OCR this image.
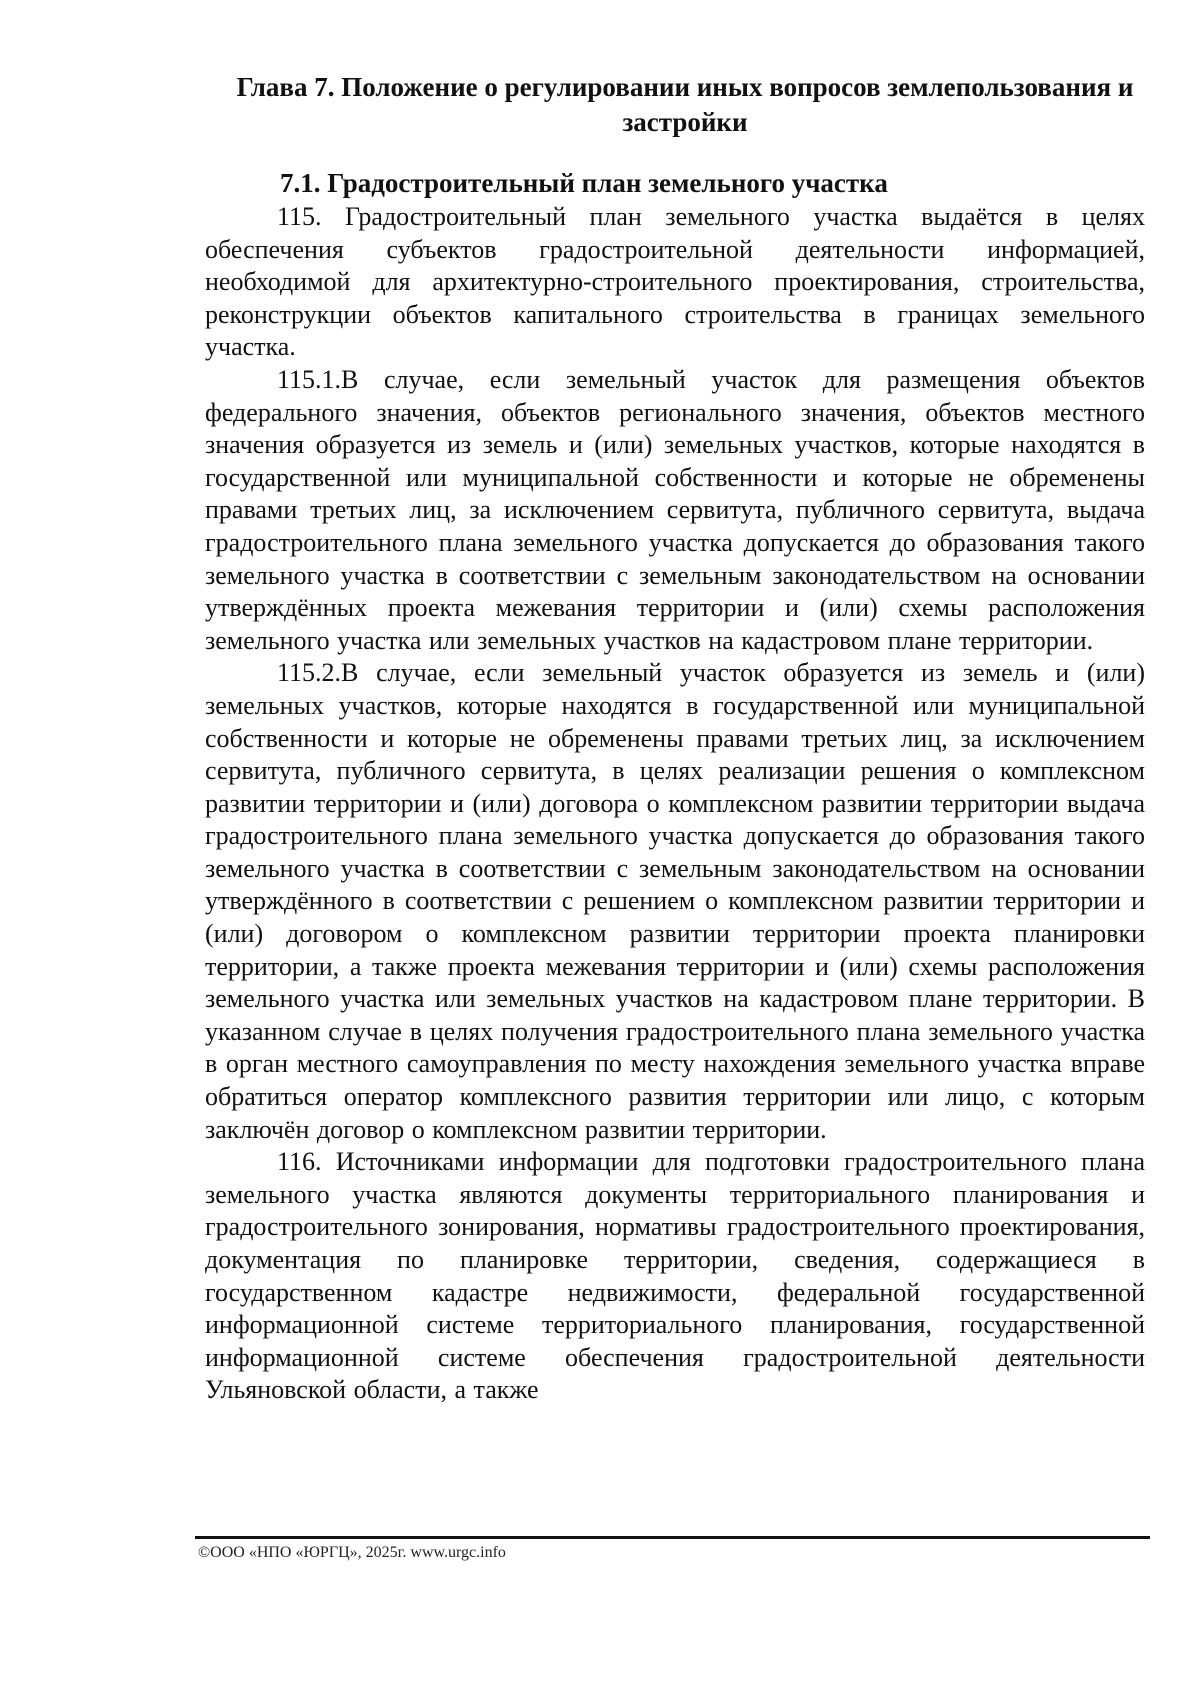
Глава 7. Положение о регулировании иных вопросов землепользования и застройки
7.1. Градостроительный план земельного участка

115. Градостроительный план земельного участка выдаётся в целях обеспечения субъектов градостроительной деятельности информацией, необходимой для архитектурно-строительного проектирования, строительства, реконструкции объектов капитального строительства в границах земельного участка.

115.1.В случае, если земельный участок для размещения объектов федерального значения, объектов регионального значения, объектов местного значения образуется из земель и (или) земельных участков, которые находятся в государственной или муниципальной собственности и которые не обременены правами третьих лиц, за исключением сервитута, публичного сервитута, выдача градостроительного плана земельного участка допускается до образования такого земельного участка в соответствии с земельным законодательством на основании утверждённых проекта межевания территории и (или) схемы расположения земельного участка или земельных участков на кадастровом плане территории.

115.2.В случае, если земельный участок образуется из земель и (или) земельных участков, которые находятся в государственной или муниципальной собственности и которые не обременены правами третьих лиц, за исключением сервитута, публичного сервитута, в целях реализации решения о комплексном развитии территории и (или) договора о комплексном развитии территории выдача градостроительного плана земельного участка допускается до образования такого земельного участка в соответствии с земельным законодательством на основании утверждённого в соответствии с решением о комплексном развитии территории и (или) договором о комплексном развитии территории проекта планировки территории, а также проекта межевания территории и (или) схемы расположения земельного участка или земельных участков на кадастровом плане территории. В указанном случае в целях получения градостроительного плана земельного участка в орган местного самоуправления по месту нахождения земельного участка вправе обратиться оператор комплексного развития территории или лицо, с которым заключён договор о комплексном развитии территории.

116. Источниками информации для подготовки градостроительного плана земельного участка являются документы территориального планирования и градостроительного зонирования, нормативы градостроительного проектирования, документация по планировке территории, сведения, содержащиеся в государственном кадастре недвижимости, федеральной государственной информационной системе территориального планирования, государственной информационной системе обеспечения градостроительной деятельности Ульяновской области, а также

©ООО «НПО «ЮРГЦ», 2025г. www.urgc.info
